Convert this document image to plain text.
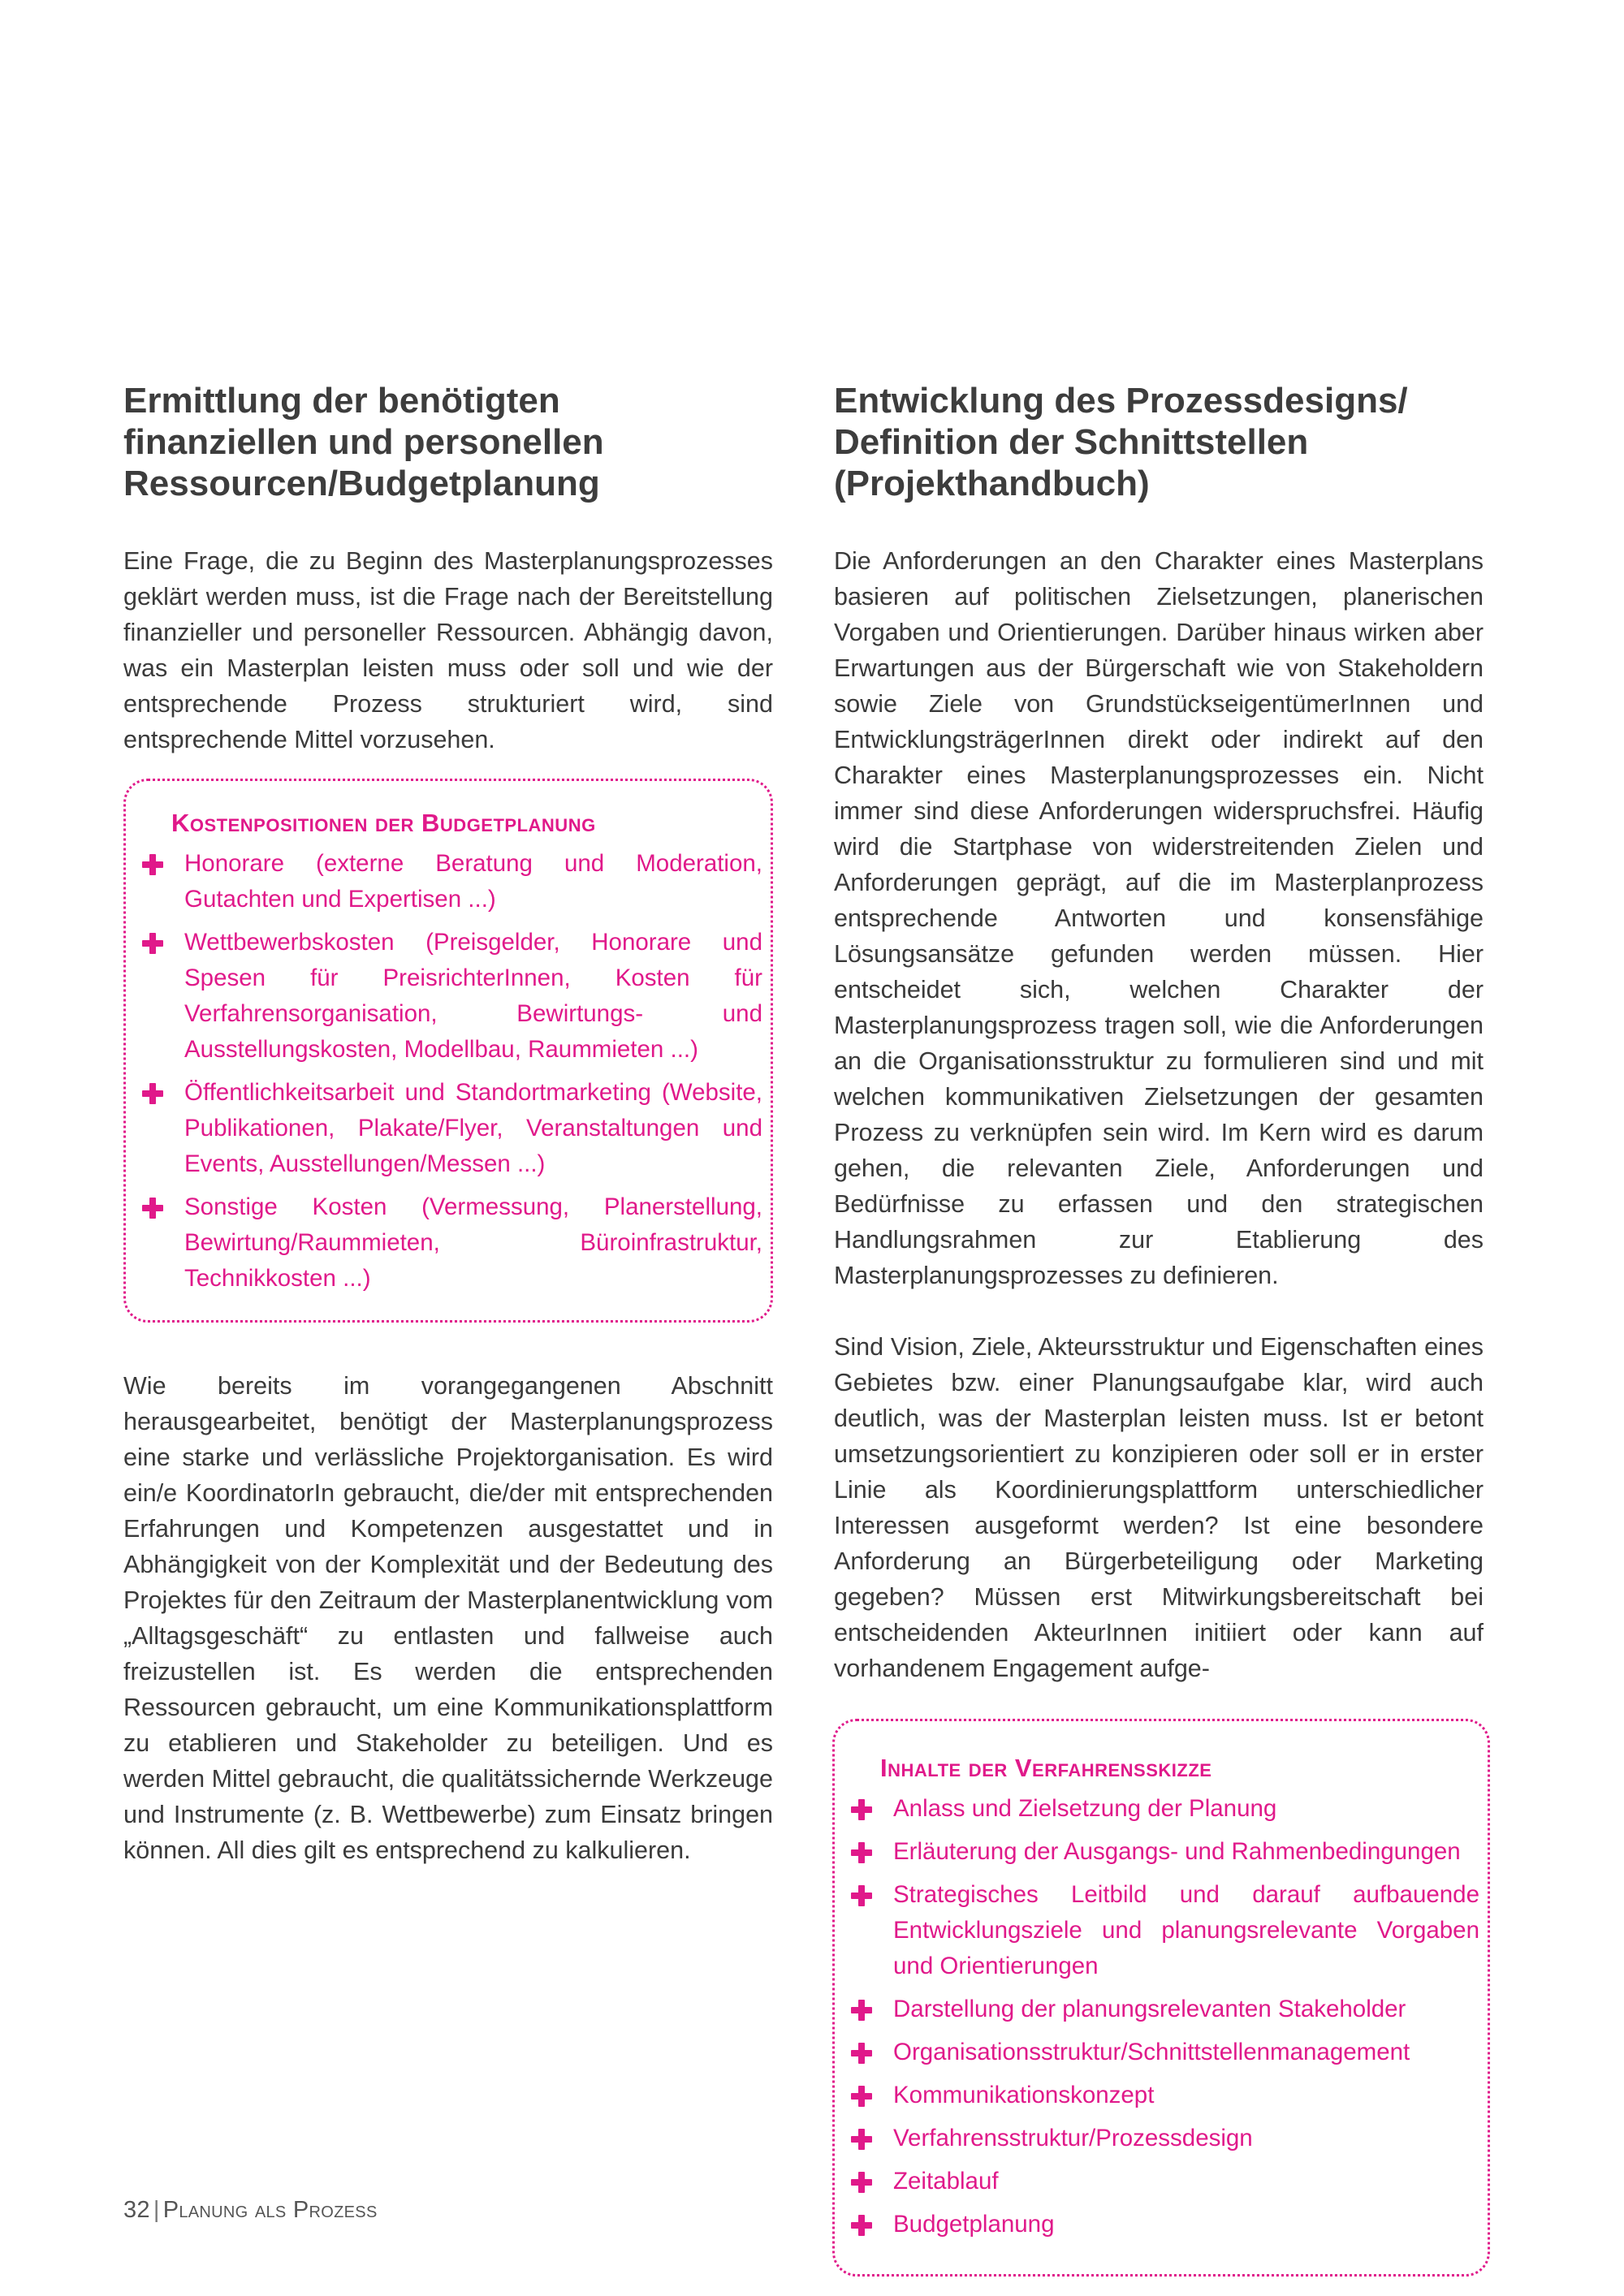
Ermittlung der benötigten
finanziellen und personellen
Ressourcen/Budgetplanung

Eine Frage, die zu Beginn des Masterplanungsprozesses geklärt werden muss, ist die Frage nach der Bereitstellung finanzieller und personeller Ressourcen. Abhängig davon, was ein Masterplan leisten muss oder soll und wie der entsprechende Prozess strukturiert wird, sind entsprechende Mittel vorzusehen.

Kostenpositionen der Budgetplanung
Honorare (externe Beratung und Moderation, Gutachten und Expertisen ...)
Wettbewerbskosten (Preisgelder, Honorare und Spesen für PreisrichterInnen, Kosten für Verfahrensorganisation, Bewirtungs- und Ausstellungskosten, Modellbau, Raummieten ...)
Öffentlichkeitsarbeit und Standortmarketing (Website, Publikationen, Plakate/Flyer, Veranstaltungen und Events, Ausstellungen/Messen ...)
Sonstige Kosten (Vermessung, Planerstellung, Bewirtung/Raummieten, Büroinfrastruktur, Technikkosten ...)

Wie bereits im vorangegangenen Abschnitt herausgearbeitet, benötigt der Masterplanungsprozess eine starke und verlässliche Projektorganisation. Es wird ein/e KoordinatorIn gebraucht, die/der mit entsprechenden Erfahrungen und Kompetenzen ausgestattet und in Abhängigkeit von der Komplexität und der Bedeutung des Projektes für den Zeitraum der Masterplanentwicklung vom „Alltagsgeschäft“ zu entlasten und fallweise auch freizustellen ist. Es werden die entsprechenden Ressourcen gebraucht, um eine Kommunikationsplattform zu etablieren und Stakeholder zu beteiligen. Und es werden Mittel gebraucht, die qualitätssichernde Werkzeuge und Instrumente (z. B. Wettbewerbe) zum Einsatz bringen können. All dies gilt es entsprechend zu kalkulieren.

Entwicklung des Prozessdesigns/
Definition der Schnittstellen
(Projekthandbuch)

Die Anforderungen an den Charakter eines Masterplans basieren auf politischen Zielsetzungen, planerischen Vorgaben und Orientierungen. Darüber hinaus wirken aber Erwartungen aus der Bürgerschaft wie von Stakeholdern sowie Ziele von GrundstückseigentümerInnen und EntwicklungsträgerInnen direkt oder indirekt auf den Charakter eines Masterplanungsprozesses ein. Nicht immer sind diese Anforderungen widerspruchsfrei. Häufig wird die Startphase von widerstreitenden Zielen und Anforderungen geprägt, auf die im Masterplanprozess entsprechende Antworten und konsensfähige Lösungsansätze gefunden werden müssen. Hier entscheidet sich, welchen Charakter der Masterplanungsprozess tragen soll, wie die Anforderungen an die Organisationsstruktur zu formulieren sind und mit welchen kommunikativen Zielsetzungen der gesamten Prozess zu verknüpfen sein wird. Im Kern wird es darum gehen, die relevanten Ziele, Anforderungen und Bedürfnisse zu erfassen und den strategischen Handlungsrahmen zur Etablierung des Masterplanungsprozesses zu definieren.

Sind Vision, Ziele, Akteursstruktur und Eigenschaften eines Gebietes bzw. einer Planungsaufgabe klar, wird auch deutlich, was der Masterplan leisten muss. Ist er betont umsetzungsorientiert zu konzipieren oder soll er in erster Linie als Koordinierungsplattform unterschiedlicher Interessen ausgeformt werden? Ist eine besondere Anforderung an Bürgerbeteiligung oder Marketing gegeben? Müssen erst Mitwirkungsbereitschaft bei entscheidenden AkteurInnen initiiert oder kann auf vorhandenem Engagement aufge-

Inhalte der Verfahrensskizze
Anlass und Zielsetzung der Planung
Erläuterung der Ausgangs- und Rahmenbedingungen
Strategisches Leitbild und darauf aufbauende Entwicklungsziele und planungsrelevante Vorgaben und Orientierungen
Darstellung der planungsrelevanten Stakeholder
Organisationsstruktur/Schnittstellenmanagement
Kommunikationskonzept
Verfahrensstruktur/Prozessdesign
Zeitablauf
Budgetplanung
32 | Planung als Prozess
